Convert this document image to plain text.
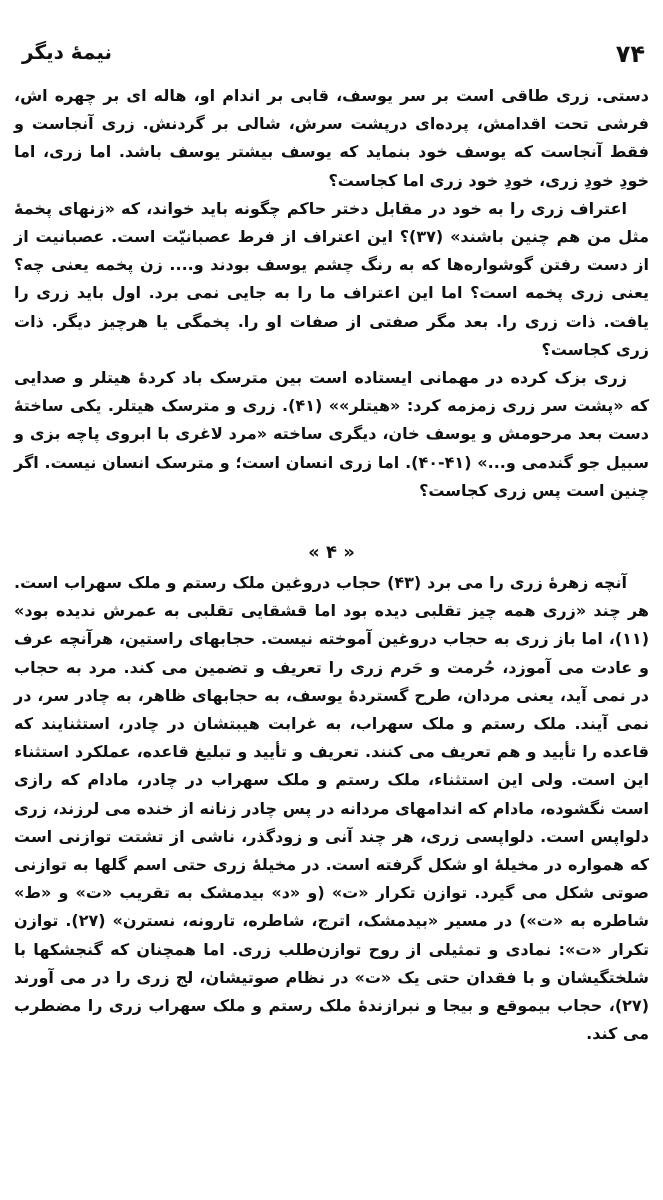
۷۴
نیمهٔ دیگر

دستی. زری طاقی است بر سر یوسف، قابی بر اندام او، هاله ای بر چهره اش، فرشی تحت اقدامش، پرده‌ای درپشت سرش، شالی بر گردنش. زری آنجاست و فقط آنجاست که یوسف خود بنماید که یوسف بیشتر یوسف باشد. اما زری، اما خودِ خودِ زری، خودِ خود زری اما کجاست؟

اعتراف زری را به خود در مقابل دختر حاکم چگونه باید خواند، که «زنهای پخمهٔ مثل من هم چنین باشند» (۳۷)؟ این اعتراف از فرط عصبانیّت است. عصبانیت از از دست رفتن گوشواره‌ها که به رنگ چشم یوسف بودند و.... زن پخمه یعنی چه؟ یعنی زری پخمه است؟ اما این اعتراف ما را به جایی نمی برد. اول باید زری را یافت. ذات زری را. بعد مگر صفتی از صفات او را. پخمگی یا هرچیز دیگر. ذات زری کجاست؟

زری بزک کرده در مهمانی ایستاده است بین مترسک باد کردهٔ هیتلر و صدایی که «پشت سر زری زمزمه کرد: «هیتلر»» (۴۱). زری و مترسک هیتلر. یکی ساختهٔ دست بعد مرحومش و یوسف خان، دیگری ساخته «مرد لاغری با ابروی پاچه بزی و سبیل جو گندمی و...» (۴۱-۴۰). اما زری انسان است؛ و مترسک انسان نیست. اگر چنین است پس زری کجاست؟

« ۴ »

آنچه زهرهٔ زری را می برد (۴۳) حجاب دروغین ملک رستم و ملک سهراب است. هر چند «زری همه چیز تقلبی دیده بود اما قشقایی تقلبی به عمرش ندیده بود» (۱۱)، اما باز زری به حجاب دروغین آموخته نیست. حجابهای راستین، هرآنچه عرف و عادت می آموزد، حُرمت و حَرم زری را تعریف و تضمین می کند. مرد به حجاب در نمی آید، یعنی مردان، طرح گستردهٔ یوسف، به حجابهای ظاهر، به چادر سر، در نمی آیند. ملک رستم و ملک سهراب، به غرابت هیبتشان در چادر، استثنایند که قاعده را تأیید و هم تعریف می کنند. تعریف و تأیید و تبلیغ قاعده، عملکرد استثناء این است. ولی این استثناء، ملک رستم و ملک سهراب در چادر، مادام که رازی است نگشوده، مادام که اندامهای مردانه در پس چادر زنانه از خنده می لرزند، زری دلواپس است. دلواپسی زری، هر چند آنی و زودگذر، ناشی از تشتت توازنی است که همواره در مخیلهٔ او شکل گرفته است. در مخیلهٔ زری حتی اسم گلها به توازنی صوتی شکل می گیرد. توازن تکرار «ت» (و «د» بیدمشک به تقریب «ت» و «ط» شاطره به «ت») در مسیر «بیدمشک، اترج، شاطره، تارونه، نسترن» (۲۷). توازن تکرار «ت»: نمادی و تمثیلی از روح توازن‌طلب زری. اما همچنان که گنجشکها با شلختگیشان و با فقدان حتی یک «ت» در نظام صوتیشان، لج زری را در می آورند (۲۷)، حجاب بیموقع و بیجا و نبرازندهٔ ملک رستم و ملک سهراب زری را مضطرب می کند.
